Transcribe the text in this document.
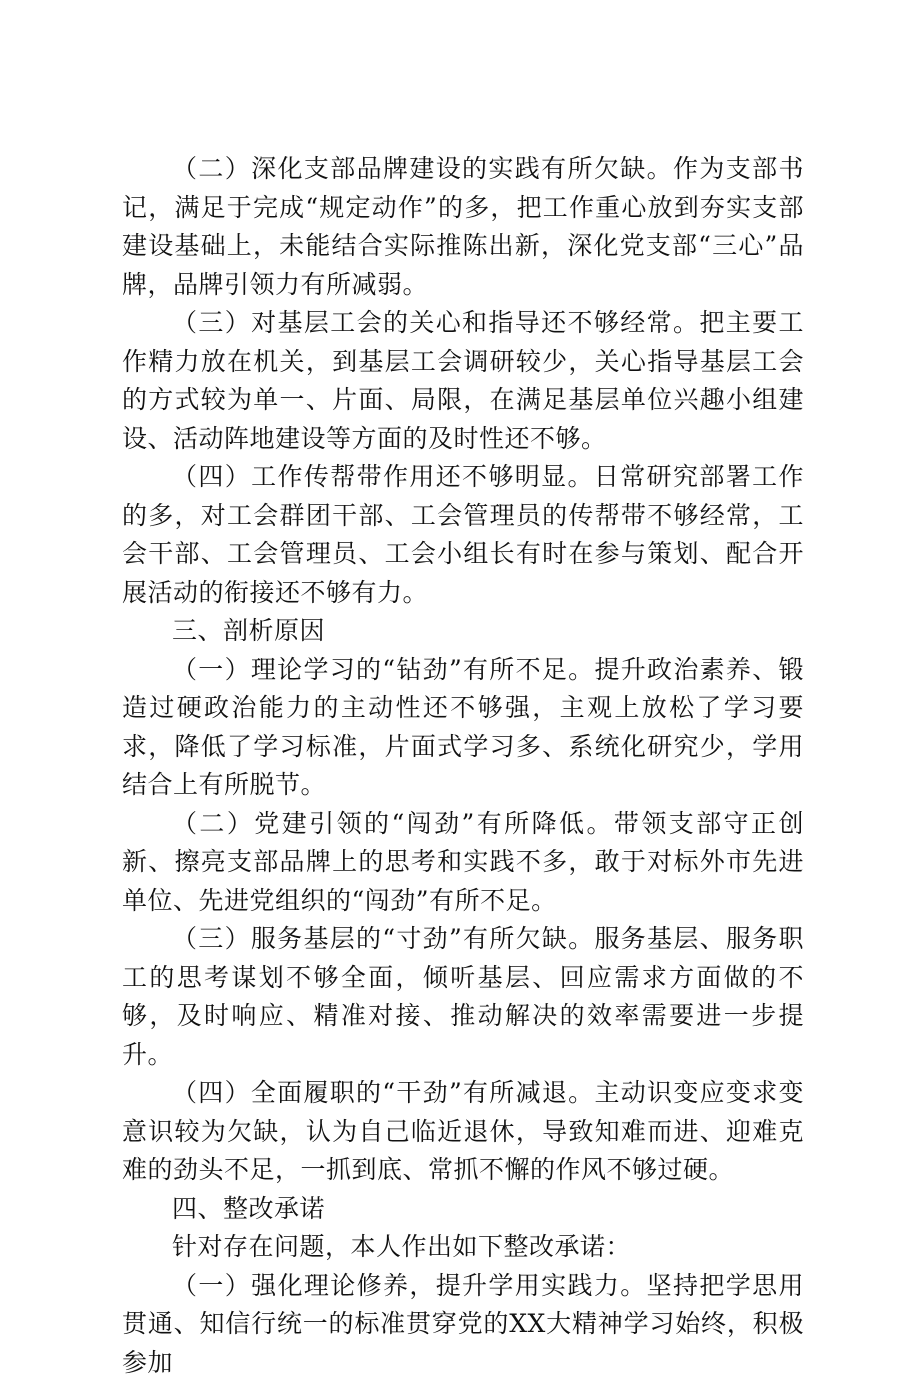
（二）深化支部品牌建设的实践有所欠缺。作为支部书记，满足于完成“规定动作”的多，把工作重心放到夯实支部建设基础上，未能结合实际推陈出新，深化党支部“三心”品牌，品牌引领力有所减弱。

（三）对基层工会的关心和指导还不够经常。把主要工作精力放在机关，到基层工会调研较少，关心指导基层工会的方式较为单一、片面、局限，在满足基层单位兴趣小组建设、活动阵地建设等方面的及时性还不够。

（四）工作传帮带作用还不够明显。日常研究部署工作的多，对工会群团干部、工会管理员的传帮带不够经常，工会干部、工会管理员、工会小组长有时在参与策划、配合开展活动的衔接还不够有力。

三、剖析原因

（一）理论学习的“钻劲”有所不足。提升政治素养、锻造过硬政治能力的主动性还不够强，主观上放松了学习要求，降低了学习标准，片面式学习多、系统化研究少，学用结合上有所脱节。

（二）党建引领的“闯劲”有所降低。带领支部守正创新、擦亮支部品牌上的思考和实践不多，敢于对标外市先进单位、先进党组织的“闯劲”有所不足。

（三）服务基层的“寸劲”有所欠缺。服务基层、服务职工的思考谋划不够全面，倾听基层、回应需求方面做的不够，及时响应、精准对接、推动解决的效率需要进一步提升。

（四）全面履职的“干劲”有所减退。主动识变应变求变意识较为欠缺，认为自己临近退休，导致知难而进、迎难克难的劲头不足，一抓到底、常抓不懈的作风不够过硬。

四、整改承诺

针对存在问题，本人作出如下整改承诺：

（一）强化理论修养，提升学用实践力。坚持把学思用贯通、知信行统一的标准贯穿党的XX大精神学习始终，积极参加
